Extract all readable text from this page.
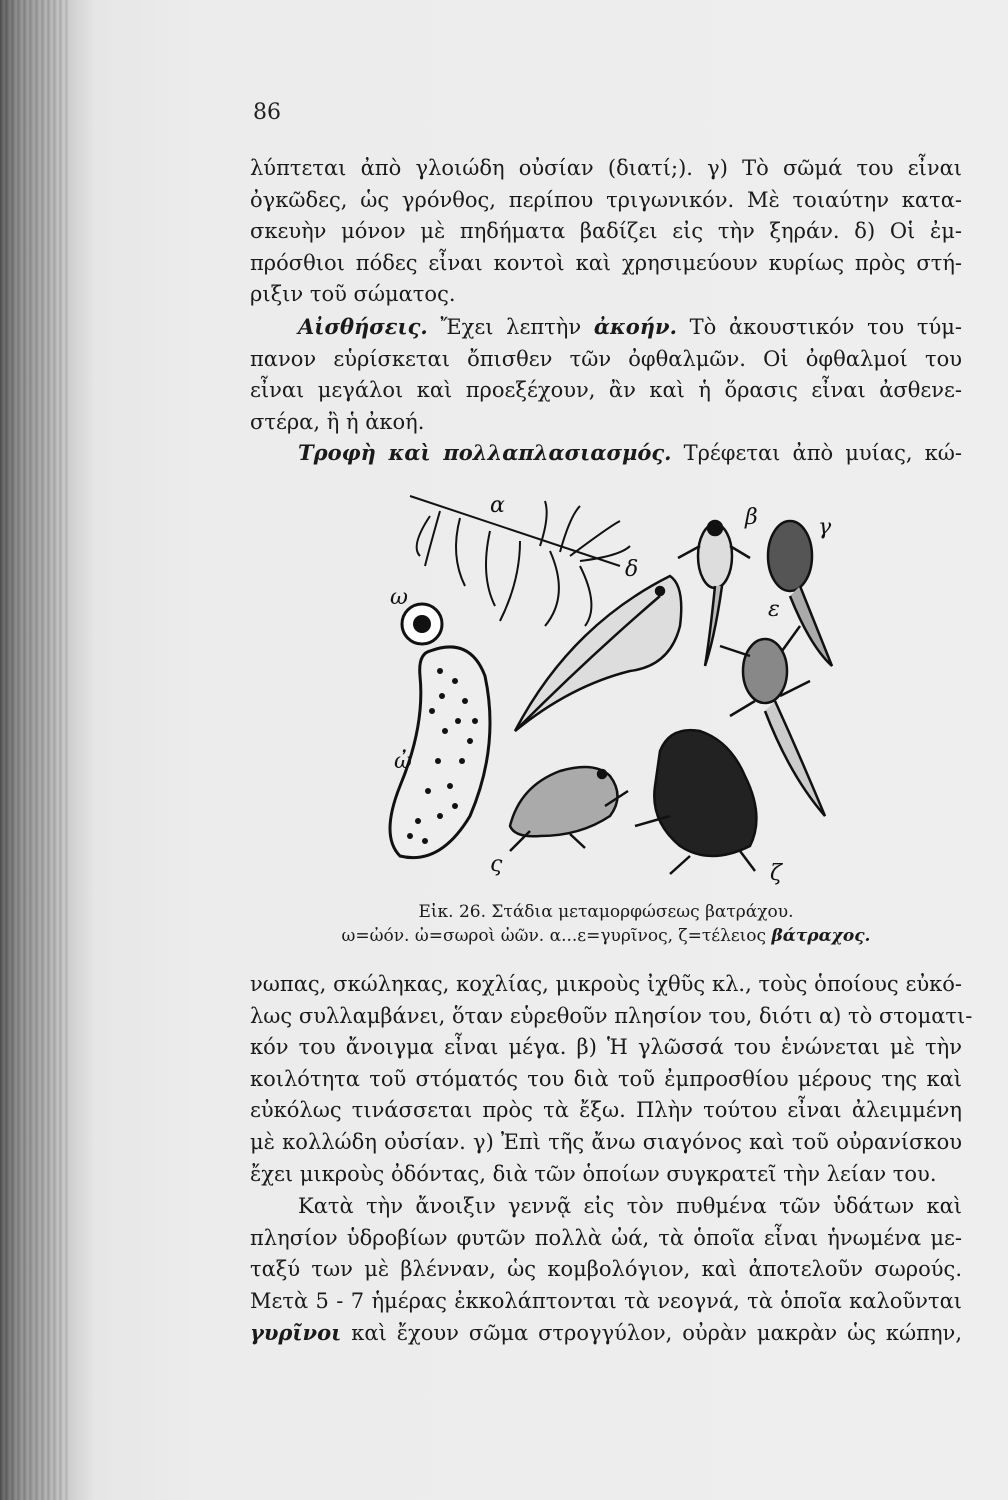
86
λύπτεται ἀπὸ γλοιώδη οὐσίαν (διατί;). γ) Τὸ σῶμά του εἶναι
ὀγκῶδες, ὡς γρόνθος, περίπου τριγωνικόν. Μὲ τοιαύτην κατα-
σκευὴν μόνον μὲ πηδήματα βαδίζει εἰς τὴν ξηράν. δ) Οἱ ἐμ-
πρόσθιοι πόδες εἶναι κοντοὶ καὶ χρησιμεύουν κυρίως πρὸς στή-
ριξιν τοῦ σώματος.
Αἰσθήσεις. Ἔχει λεπτὴν ἀκοήν. Τὸ ἀκουστικόν του τύμ-
πανον εὑρίσκεται ὄπισθεν τῶν ὀφθαλμῶν. Οἱ ὀφθαλμοί του
εἶναι μεγάλοι καὶ προεξέχουν, ἂν καὶ ἡ ὅρασις εἶναι ἀσθενε-
στέρα, ἢ ἡ ἀκοή.
Τροφὴ καὶ πολλαπλασιασμός. Τρέφεται ἀπὸ μυίας, κώ-
α	β	γ
δ
ε
ω
ὠ
ς	ζ
Εἰκ. 26. Στάδια μεταμορφώσεως βατράχου.
ω=ὠόν. ὠ=σωροὶ ὠῶν. α...ε=γυρῖνος, ζ=τέλειος βάτραχος.
νωπας, σκώληκας, κοχλίας, μικροὺς ἰχθῦς κλ., τοὺς ὁποίους εὐκό-
λως συλλαμβάνει, ὅταν εὑρεθοῦν πλησίον του, διότι α) τὸ στοματι-
κόν του ἄνοιγμα εἶναι μέγα. β) Ἡ γλῶσσά του ἑνώνεται μὲ τὴν
κοιλότητα τοῦ στόματός του διὰ τοῦ ἐμπροσθίου μέρους της καὶ
εὐκόλως τινάσσεται πρὸς τὰ ἔξω. Πλὴν τούτου εἶναι ἀλειμμένη
μὲ κολλώδη οὐσίαν. γ) Ἐπὶ τῆς ἄνω σιαγόνος καὶ τοῦ οὐρανίσκου
ἔχει μικροὺς ὀδόντας, διὰ τῶν ὁποίων συγκρατεῖ τὴν λείαν του.
Κατὰ τὴν ἄνοιξιν γεννᾷ εἰς τὸν πυθμένα τῶν ὑδάτων καὶ
πλησίον ὑδροβίων φυτῶν πολλὰ ὠά, τὰ ὁποῖα εἶναι ἡνωμένα με-
ταξύ των μὲ βλένναν, ὡς κομβολόγιον, καὶ ἀποτελοῦν σωρούς.
Μετὰ 5 - 7 ἡμέρας ἐκκολάπτονται τὰ νεογνά, τὰ ὁποῖα καλοῦνται
γυρῖνοι καὶ ἔχουν σῶμα στρογγύλον, οὐρὰν μακρὰν ὡς κώπην,
